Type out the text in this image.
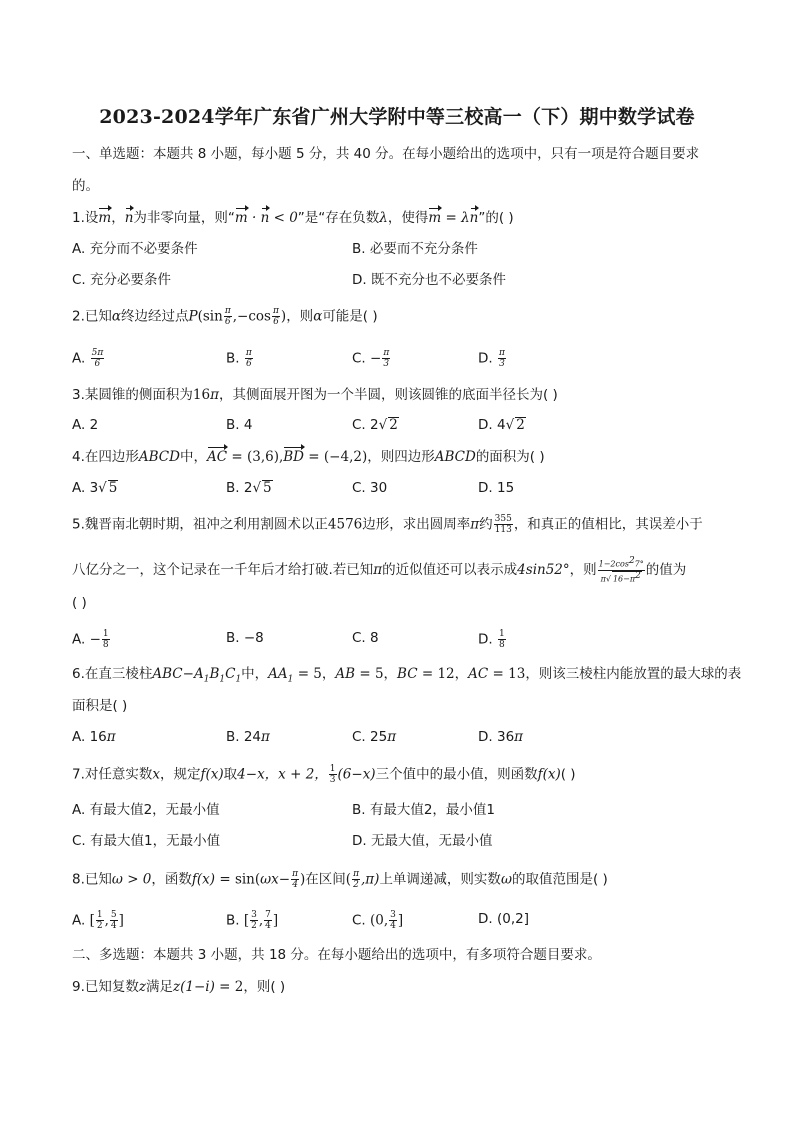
2023-2024学年广东省广州大学附中等三校高一（下）期中数学试卷
一、单选题：本题共 8 小题，每小题 5 分，共 40 分。在每小题给出的选项中，只有一项是符合题目要求
的。
1.设m，n为非零向量，则“m · n < 0”是“存在负数λ，使得m = λn”的( )
A. 充分而不必要条件	B. 必要而不充分条件
C. 充分必要条件	D. 既不充分也不必要条件
2.已知α终边经过点$P(\sin \frac{\pi}{6} ,-\cos \frac{\pi}{6}$ )，则α可能是( )
A. $\frac{5\pi}{6}$	B. $\frac{\pi}{6}$	C. − $\frac{\pi}{3}$	D. $\frac{\pi}{3}$
3.某圆锥的侧面积为16π，其侧面展开图为一个半圆，则该圆锥的底面半径长为( )
A. 2	B. 4	C. 2√ 2	D. 4√ 2
4.在四边形ABCD中，AC = (3,6),BD = (−4,2)，则四边形ABCD的面积为( )
A. 3√ 5	B. 2√ 5	C. 30	D. 15
5.魏晋南北朝时期，祖冲之利用割圆术以正4576边形，求出圆周率π约 $\frac{355}{113}$ ，和真正的值相比，其误差小于
八亿分之一，这个记录在一千年后才给打破.若已知π的近似值还可以表示成4sin52°，则 $\frac{1-2\cos^27^\circ}{\pi√ 16-\pi^2}$ 的值为
( )
A. − $\frac{1}{8}$	B. −8	C. 8	D. $\frac{1}{8}$
6.在直三棱柱$ABC-A_1B_1C_1$中，$AA_1 = 5$，AB = 5，BC = 12，AC = 13，则该三棱柱内能放置的最大球的表
面积是( )
A. 16π	B. 24π	C. 25π	D. 36π
7.对任意实数x，规定f(x)取4−x，x + 2， $\frac{1}{3} (6-x)$三个值中的最小值，则函数f(x)( )
A. 有最大值2，无最小值	B. 有最大值2，最小值1
C. 有最大值1，无最小值	D. 无最大值，无最小值
8.已知ω > 0，函数$f(x) = \sin(\omega x- \frac{\pi}{4}$ )在区间( $\frac{\pi}{2} ,\pi$)上单调递减，则实数ω的取值范围是( )
A. [ $\frac{1}{2}$ , $\frac{5}{4}$ ]	B. [ $\frac{3}{2}$ , $\frac{7}{4}$ ]	C. (0, $\frac{3}{4}$ ]	D. (0,2]
二、多选题：本题共 3 小题，共 18 分。在每小题给出的选项中，有多项符合题目要求。
9.已知复数z满足z(1−i) = 2，则( )
